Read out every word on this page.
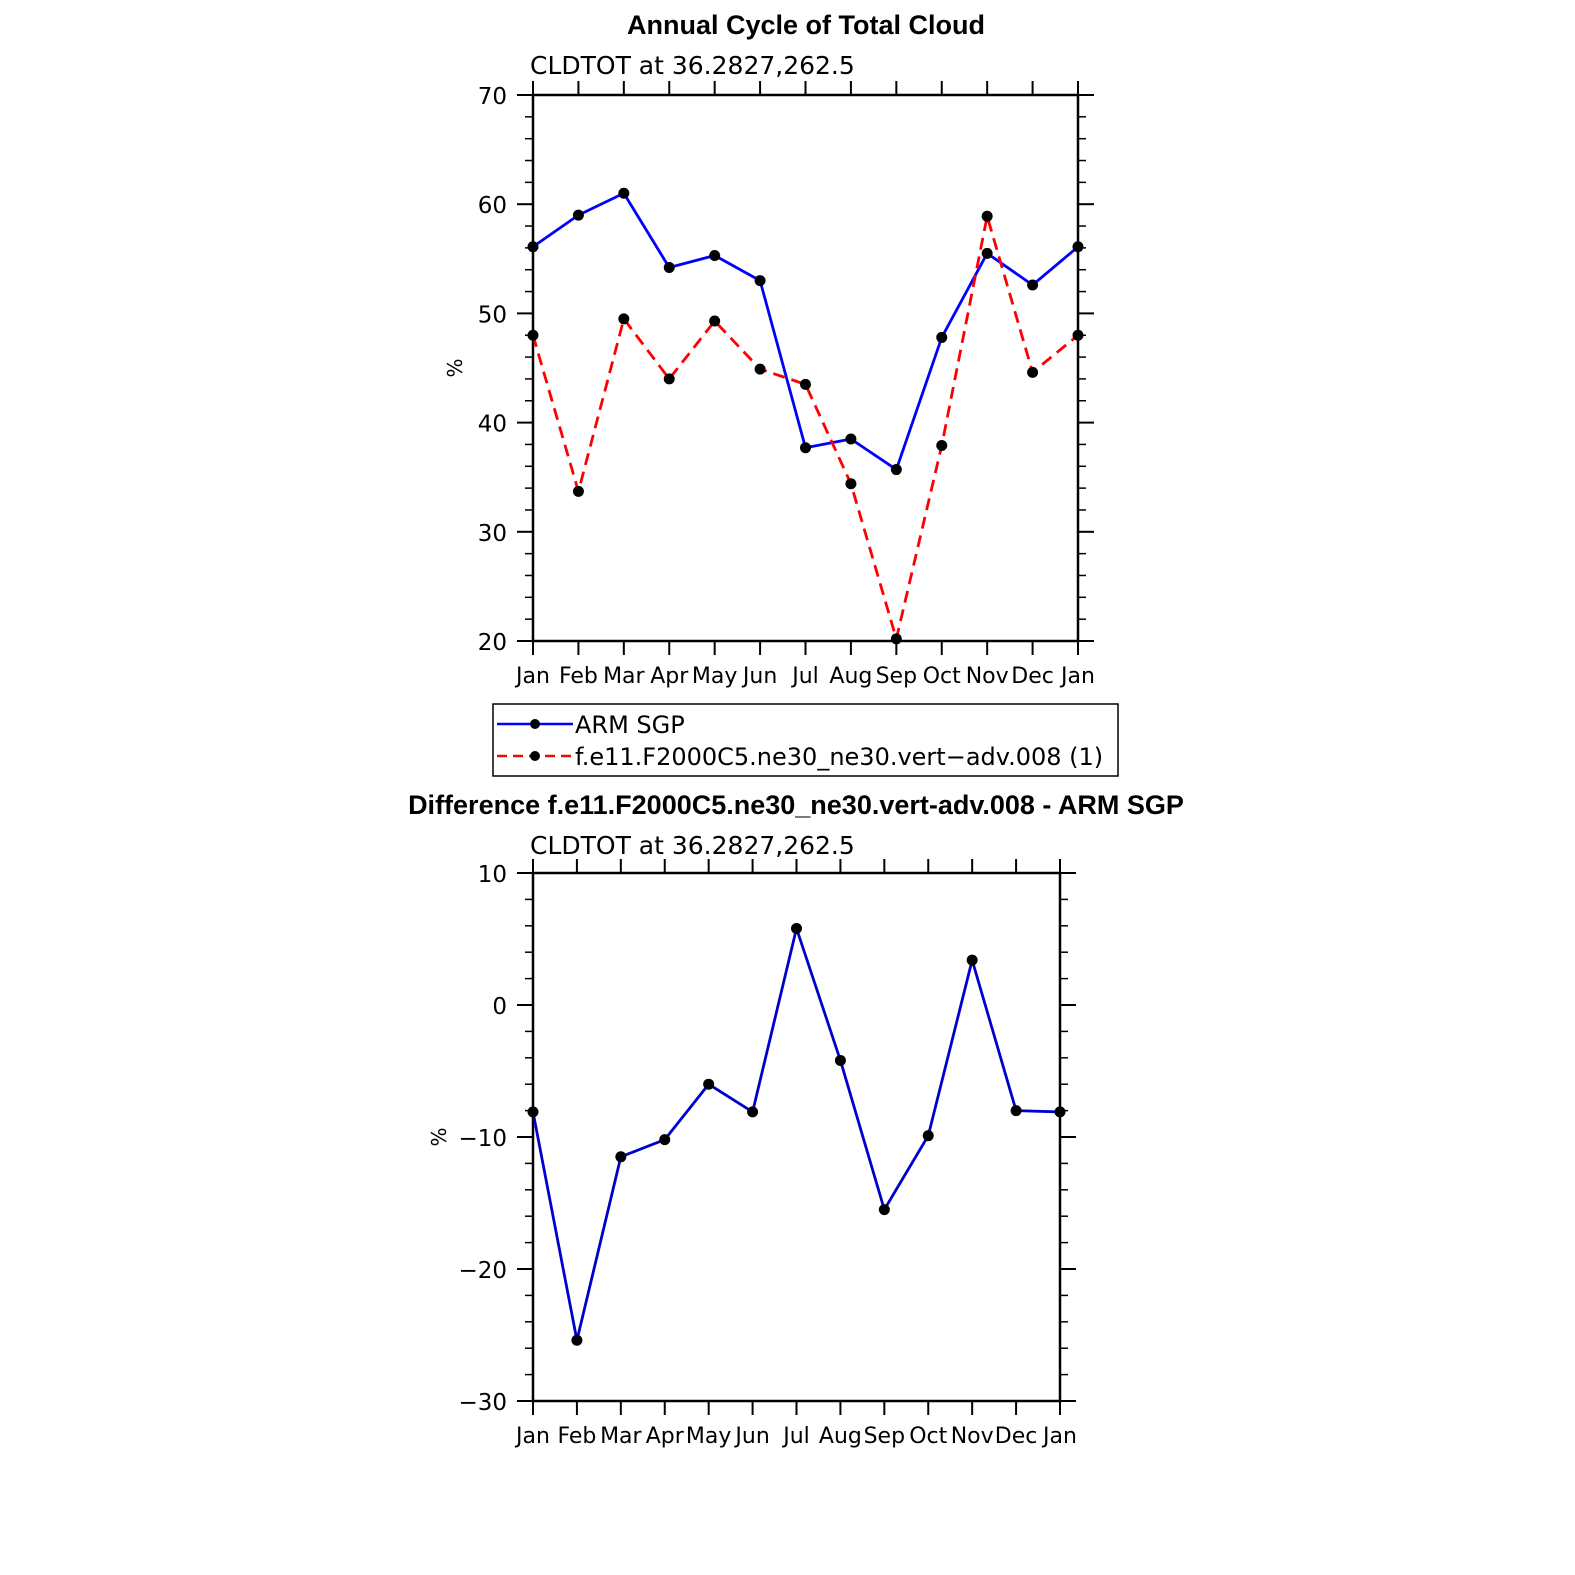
Annual Cycle of Total Cloud
CLDTOT at 36.2827,262.5
%
Jan Feb Mar Apr May Jun Jul Aug Sep Oct Nov Dec Jan
20
30
40
50
60
70
ARM SGP
f.e11.F2000C5.ne30_ne30.vert−adv.008 (1)
Difference f.e11.F2000C5.ne30_ne30.vert-adv.008 - ARM SGP
CLDTOT at 36.2827,262.5
%
Jan Feb Mar Apr May Jun Jul Aug Sep Oct Nov Dec Jan
−30
−20
−10
0
10
